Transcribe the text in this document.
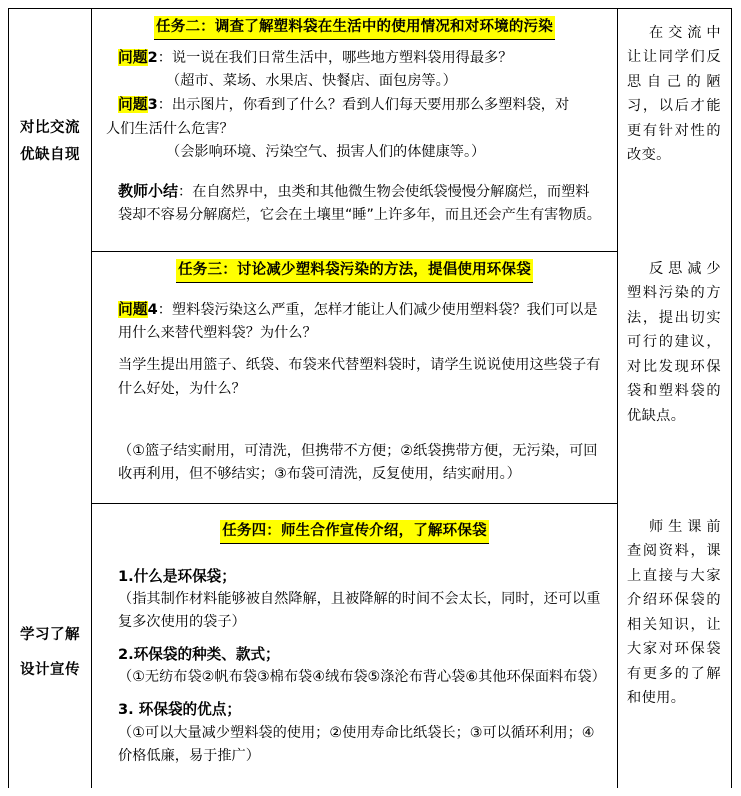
对比交流
优缺自现
学习了解
设计宣传
任务二：调查了解塑料袋在生活中的使用情况和对环境的污染

问题2：说一说在我们日常生活中，哪些地方塑料袋用得最多？

（超市、菜场、水果店、快餐店、面包房等。）

问题3：出示图片，你看到了什么？看到人们每天要用那么多塑料袋，对

人们生活什么危害？

（会影响环境、污染空气、损害人们的体健康等。）

教师小结：在自然界中，虫类和其他微生物会使纸袋慢慢分解腐烂，而塑料袋却不容易分解腐烂，它会在土壤里“睡”上许多年，而且还会产生有害物质。

任务三：讨论减少塑料袋污染的方法，提倡使用环保袋

问题4：塑料袋污染这么严重，怎样才能让人们减少使用塑料袋？我们可以是用什么来替代塑料袋？为什么？

当学生提出用篮子、纸袋、布袋来代替塑料袋时，请学生说说使用这些袋子有什么好处，为什么？

（①篮子结实耐用，可清洗，但携带不方便；②纸袋携带方便，无污染，可回收再利用，但不够结实；③布袋可清洗，反复使用，结实耐用。）

任务四：师生合作宣传介绍，了解环保袋

1.什么是环保袋；

（指其制作材料能够被自然降解，且被降解的时间不会太长，同时，还可以重复多次使用的袋子）

2.环保袋的种类、款式；

（①无纺布袋②帆布袋③棉布袋④绒布袋⑤涤沦布背心袋⑥其他环保面料布袋）

3. 环保袋的优点；

（①可以大量减少塑料袋的使用；②使用寿命比纸袋长；③可以循环利用；④价格低廉，易于推广）

在交流中让让同学们反思自己的陋习，以后才能更有针对性的改变。
反思减少塑料污染的方法，提出切实可行的建议，对比发现环保袋和塑料袋的优缺点。
师生课前查阅资料，课上直接与大家介绍环保袋的相关知识，让大家对环保袋有更多的了解和使用。
